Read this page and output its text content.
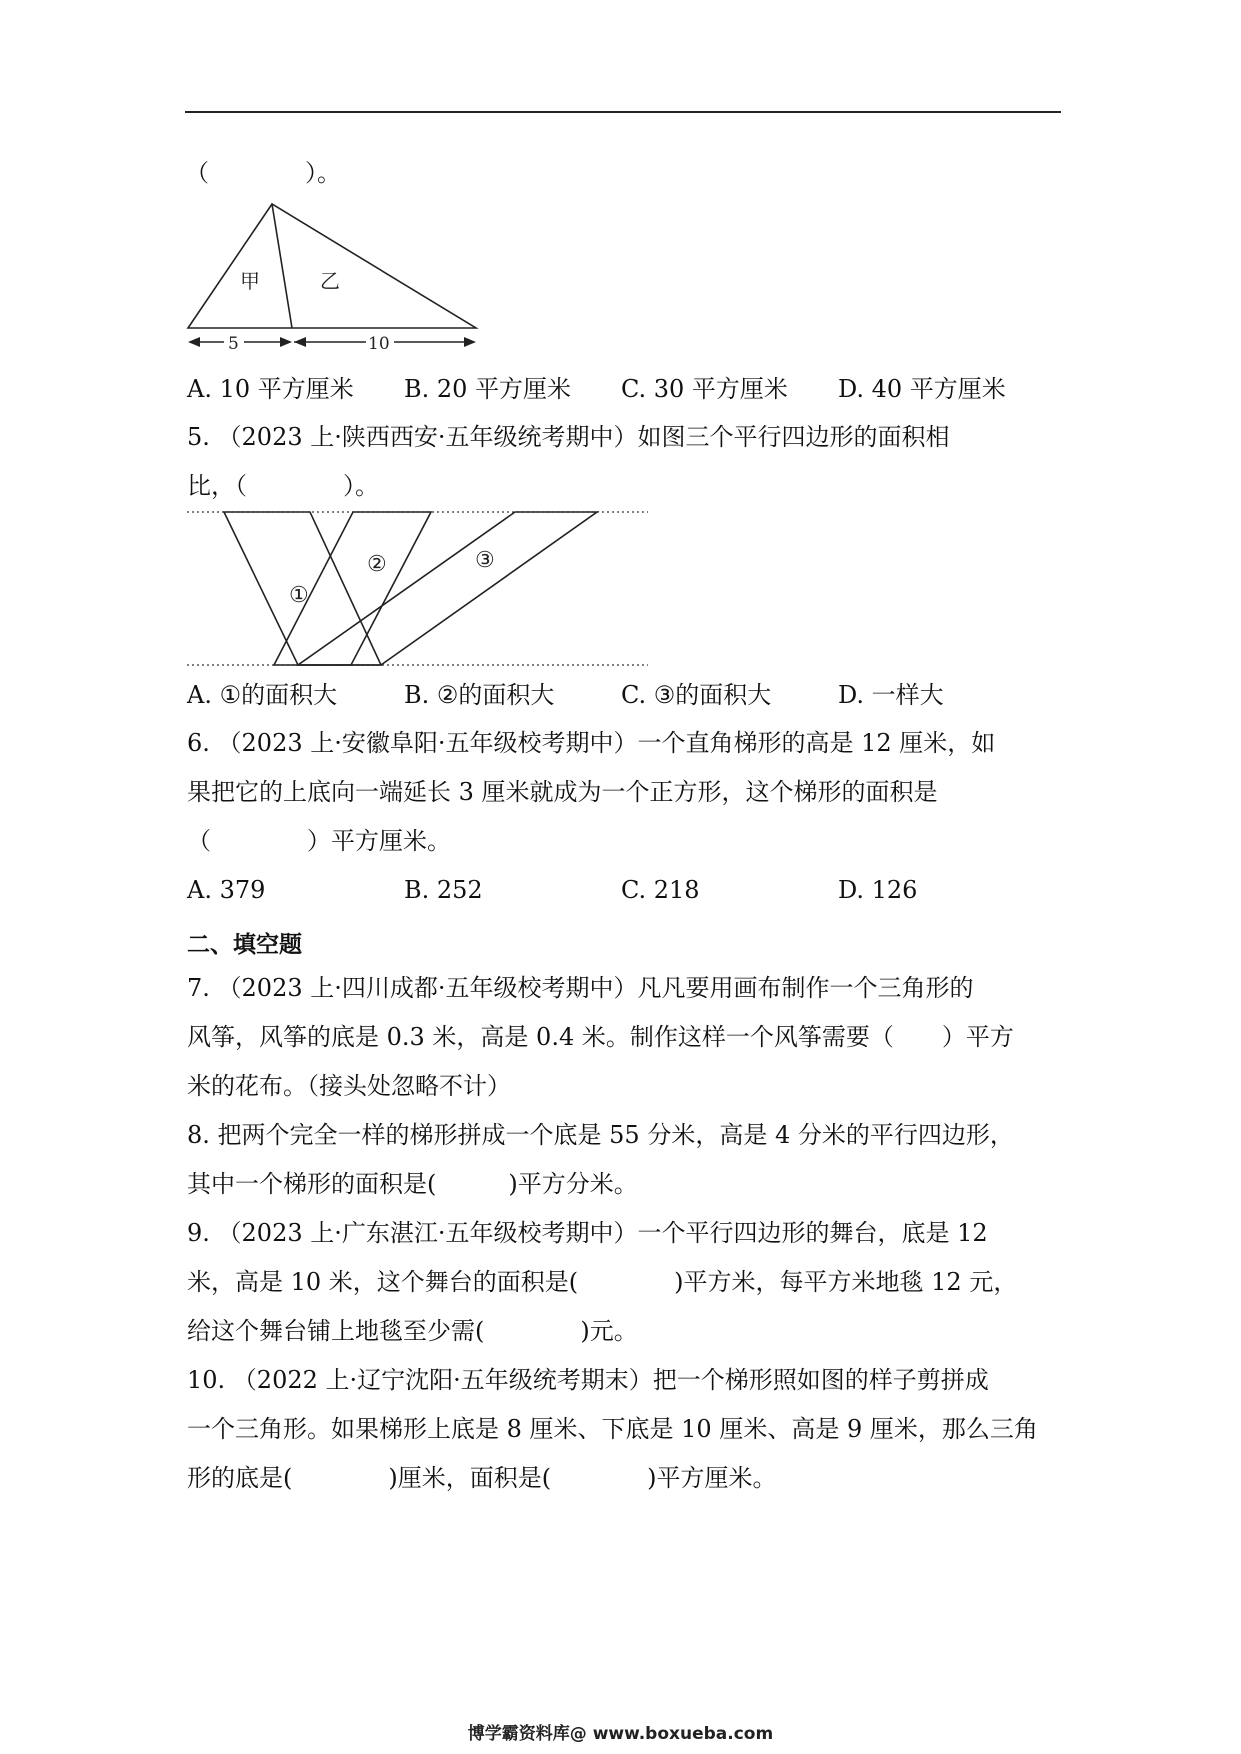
（　　　　）。
甲	乙
5	10
A. 10 平方厘米 B. 20 平方厘米 C. 30 平方厘米 D. 40 平方厘米
5. （2023 上·陕西西安·五年级统考期中）如图三个平行四边形的面积相
比，（　　　　）。
①
②	③
A. ①的面积大	B. ②的面积大	C. ③的面积大	D. 一样大
6. （2023 上·安徽阜阳·五年级校考期中）一个直角梯形的高是 12 厘米，如
果把它的上底向一端延长 3 厘米就成为一个正方形，这个梯形的面积是
（　　　　）平方厘米。
A. 379	B. 252	C. 218	D. 126
二、填空题
7. （2023 上·四川成都·五年级校考期中）凡凡要用画布制作一个三角形的
风筝，风筝的底是 0.3 米，高是 0.4 米。制作这样一个风筝需要（　　）平方
米的花布。（接头处忽略不计）
8. 把两个完全一样的梯形拼成一个底是 55 分米，高是 4 分米的平行四边形，
其中一个梯形的面积是(　　　)平方分米。
9. （2023 上·广东湛江·五年级校考期中）一个平行四边形的舞台，底是 12
米，高是 10 米，这个舞台的面积是(　　　　)平方米，每平方米地毯 12 元，
给这个舞台铺上地毯至少需(　　　　)元。
10. （2022 上·辽宁沈阳·五年级统考期末）把一个梯形照如图的样子剪拼成
一个三角形。如果梯形上底是 8 厘米、下底是 10 厘米、高是 9 厘米，那么三角
形的底是(　　　　)厘米，面积是(　　　　)平方厘米。
博学霸资料库@ www.boxueba.com
